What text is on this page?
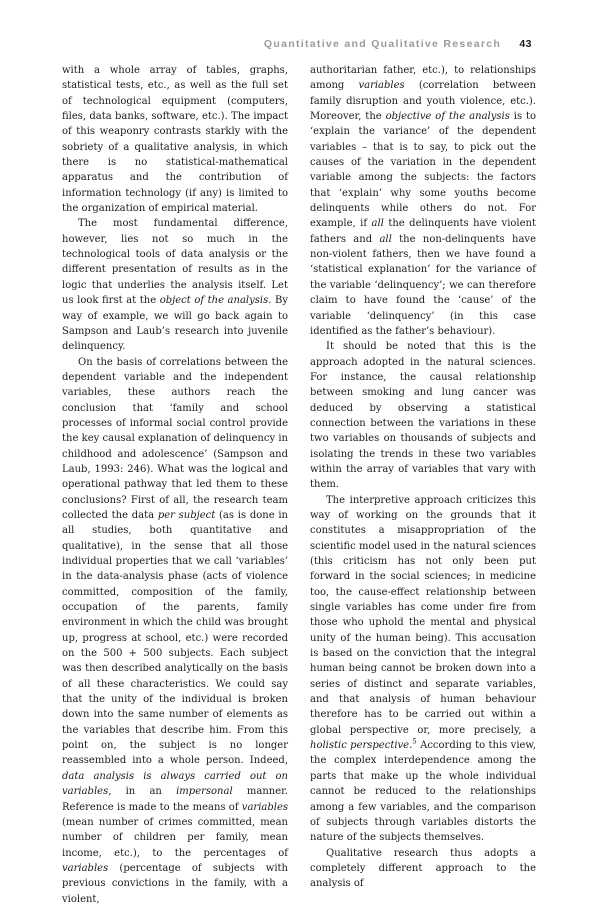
Quantitative and Qualitative Research 43

with a whole array of tables, graphs, statistical tests, etc., as well as the full set of technological equipment (computers, files, data banks, software, etc.). The impact of this weaponry contrasts starkly with the sobriety of a qualitative analysis, in which there is no statistical-mathematical apparatus and the contribution of information technology (if any) is limited to the organization of empirical material.

The most fundamental difference, however, lies not so much in the technological tools of data analysis or the different presentation of results as in the logic that underlies the analysis itself. Let us look first at the object of the analysis. By way of example, we will go back again to Sampson and Laub’s research into juvenile delinquency.

On the basis of correlations between the dependent variable and the independent variables, these authors reach the conclusion that ‘family and school processes of informal social control provide the key causal explanation of delinquency in childhood and adolescence’ (Sampson and Laub, 1993: 246). What was the logical and operational pathway that led them to these conclusions? First of all, the research team collected the data per subject (as is done in all studies, both quantitative and qualitative), in the sense that all those individual properties that we call ‘variables’ in the data-analysis phase (acts of violence committed, composition of the family, occupation of the parents, family environment in which the child was brought up, progress at school, etc.) were recorded on the 500 + 500 subjects. Each subject was then described analytically on the basis of all these characteristics. We could say that the unity of the individual is broken down into the same number of elements as the variables that describe him. From this point on, the subject is no longer reassembled into a whole person. Indeed, data analysis is always carried out on variables, in an impersonal manner. Reference is made to the means of variables (mean number of crimes committed, mean number of children per family, mean income, etc.), to the percentages of variables (percentage of subjects with previous convictions in the family, with a violent,

authoritarian father, etc.), to relationships among variables (correlation between family disruption and youth violence, etc.). Moreover, the objective of the analysis is to ‘explain the variance’ of the dependent variables – that is to say, to pick out the causes of the variation in the dependent variable among the subjects: the factors that ‘explain’ why some youths become delinquents while others do not. For example, if all the delinquents have violent fathers and all the non-delinquents have non-violent fathers, then we have found a ‘statistical explanation’ for the variance of the variable ‘delinquency’; we can therefore claim to have found the ‘cause’ of the variable ‘delinquency’ (in this case identified as the father’s behaviour).

It should be noted that this is the approach adopted in the natural sciences. For instance, the causal relationship between smoking and lung cancer was deduced by observing a statistical connection between the variations in these two variables on thousands of subjects and isolating the trends in these two variables within the array of variables that vary with them.

The interpretive approach criticizes this way of working on the grounds that it constitutes a misappropriation of the scientific model used in the natural sciences (this criticism has not only been put forward in the social sciences; in medicine too, the cause-effect relationship between single variables has come under fire from those who uphold the mental and physical unity of the human being). This accusation is based on the conviction that the integral human being cannot be broken down into a series of distinct and separate variables, and that analysis of human behaviour therefore has to be carried out within a global perspective or, more precisely, a holistic perspective.$^5$ According to this view, the complex interdependence among the parts that make up the whole individual cannot be reduced to the relationships among a few variables, and the comparison of subjects through variables distorts the nature of the subjects themselves.

Qualitative research thus adopts a completely different approach to the analysis of
